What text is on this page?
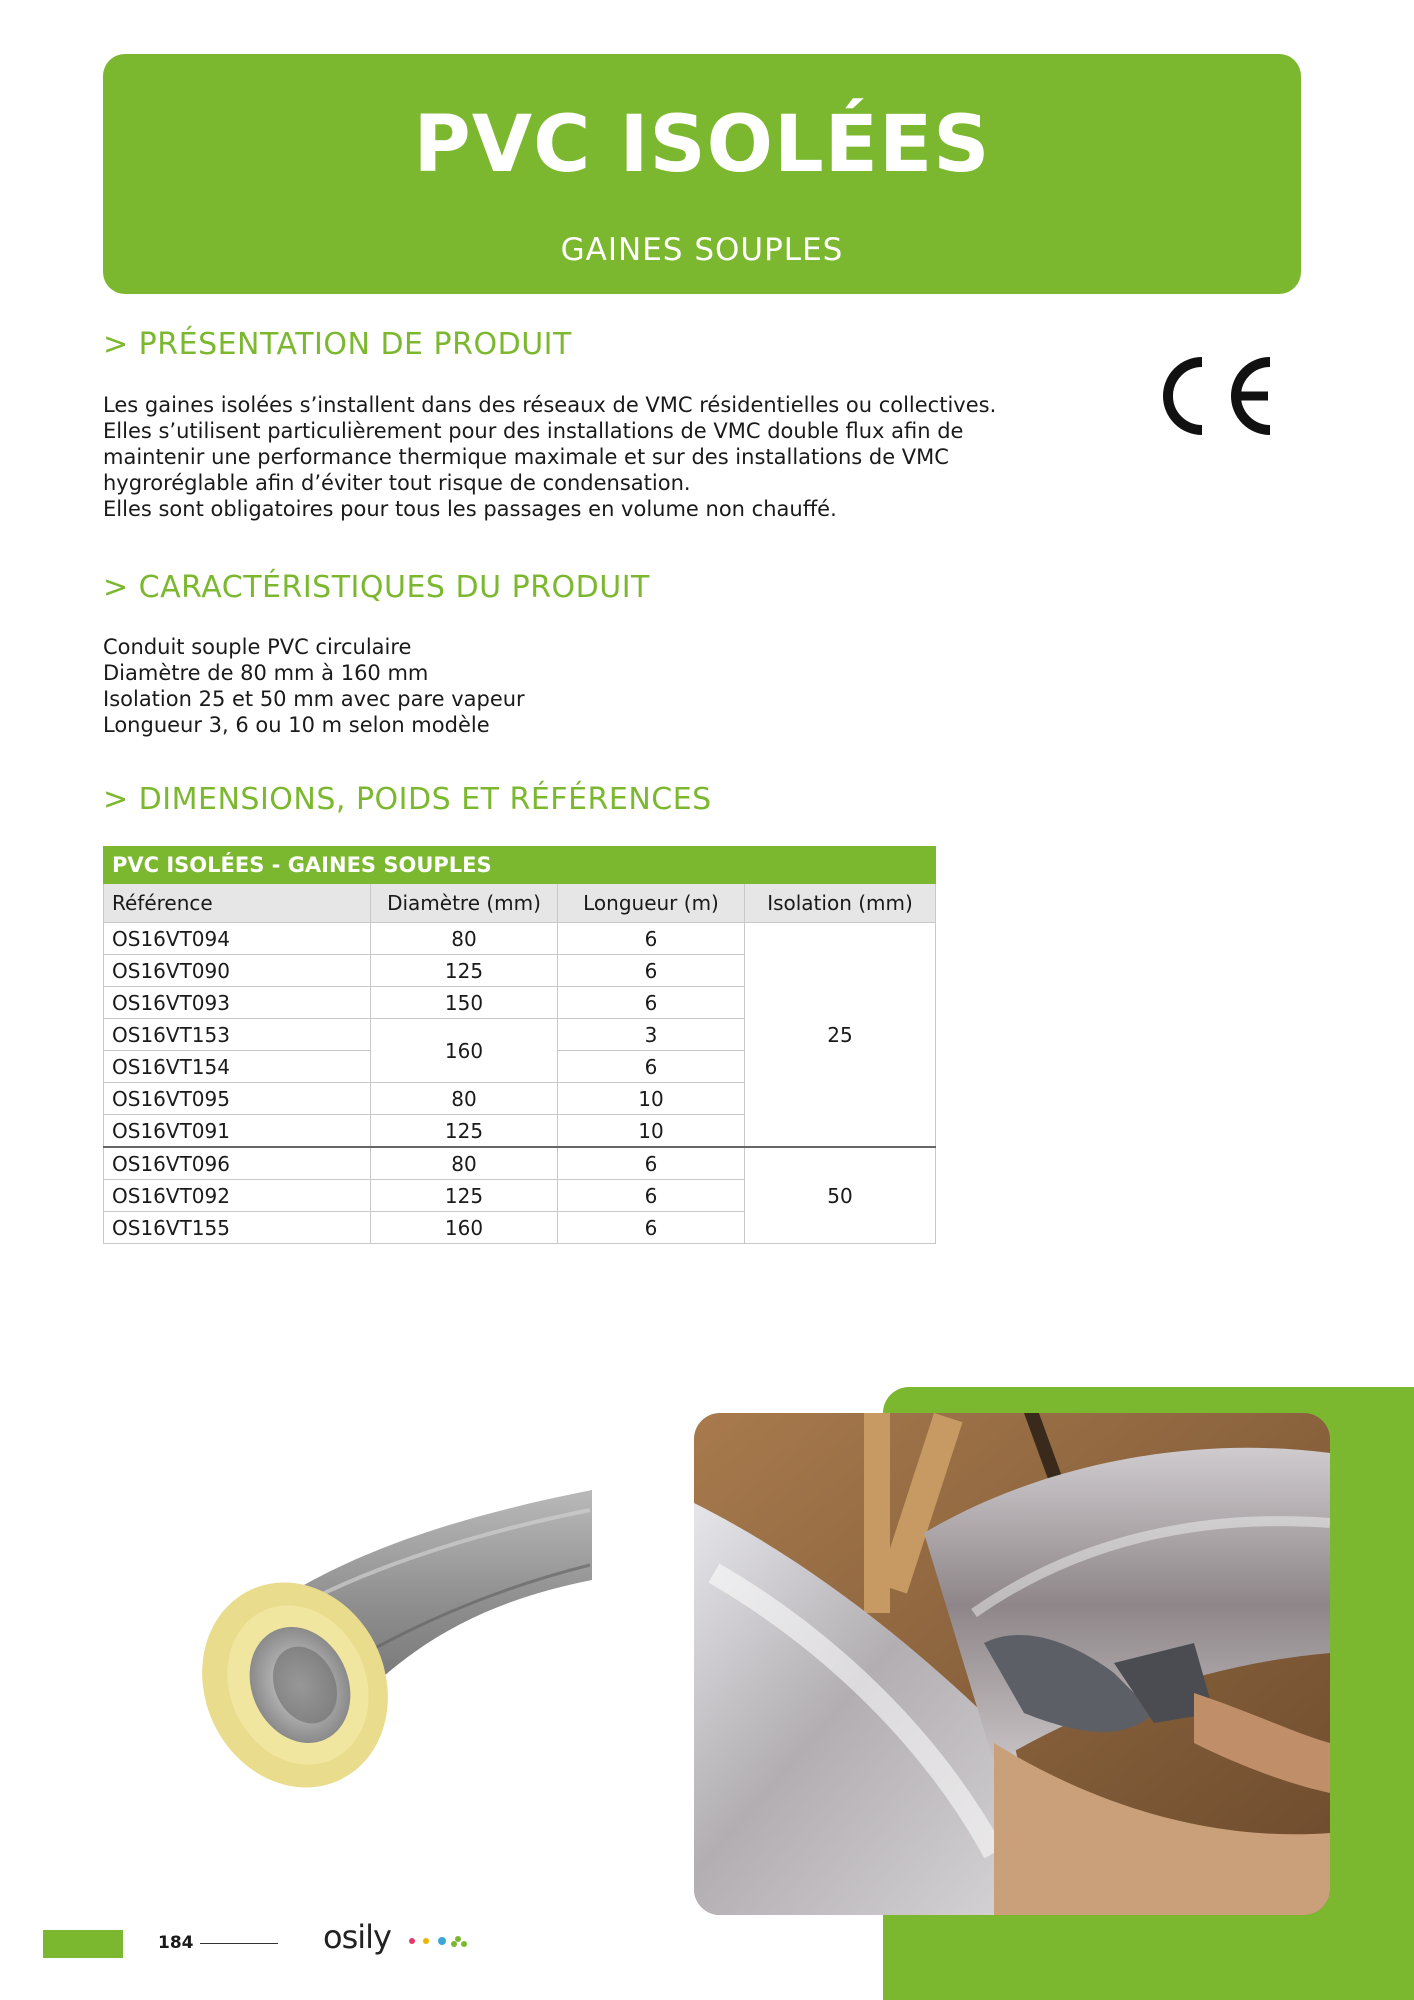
PVC ISOLÉES
GAINES SOUPLES
> PRÉSENTATION DE PRODUIT
Les gaines isolées s’installent dans des réseaux de VMC résidentielles ou collectives.
Elles s’utilisent particulièrement pour des installations de VMC double flux afin de
maintenir une performance thermique maximale et sur des installations de VMC
hygroréglable afin d’éviter tout risque de condensation.
Elles sont obligatoires pour tous les passages en volume non chauffé.
> CARACTÉRISTIQUES DU PRODUIT
Conduit souple PVC circulaire
Diamètre de 80 mm à 160 mm
Isolation 25 et 50 mm avec pare vapeur
Longueur 3, 6 ou 10 m selon modèle
> DIMENSIONS, POIDS ET RÉFÉRENCES
PVC ISOLÉES - GAINES SOUPLES			
Référence	Diamètre (mm)	Longueur (m)	Isolation (mm)
OS16VT094	80	6	25
OS16VT090	125	6	
OS16VT093	150	6	
OS16VT153	160	3	
OS16VT154		6	
OS16VT095	80	10	
OS16VT091	125	10	
OS16VT096	80	6	50
OS16VT092	125	6	
OS16VT155	160	6	
184	osily
